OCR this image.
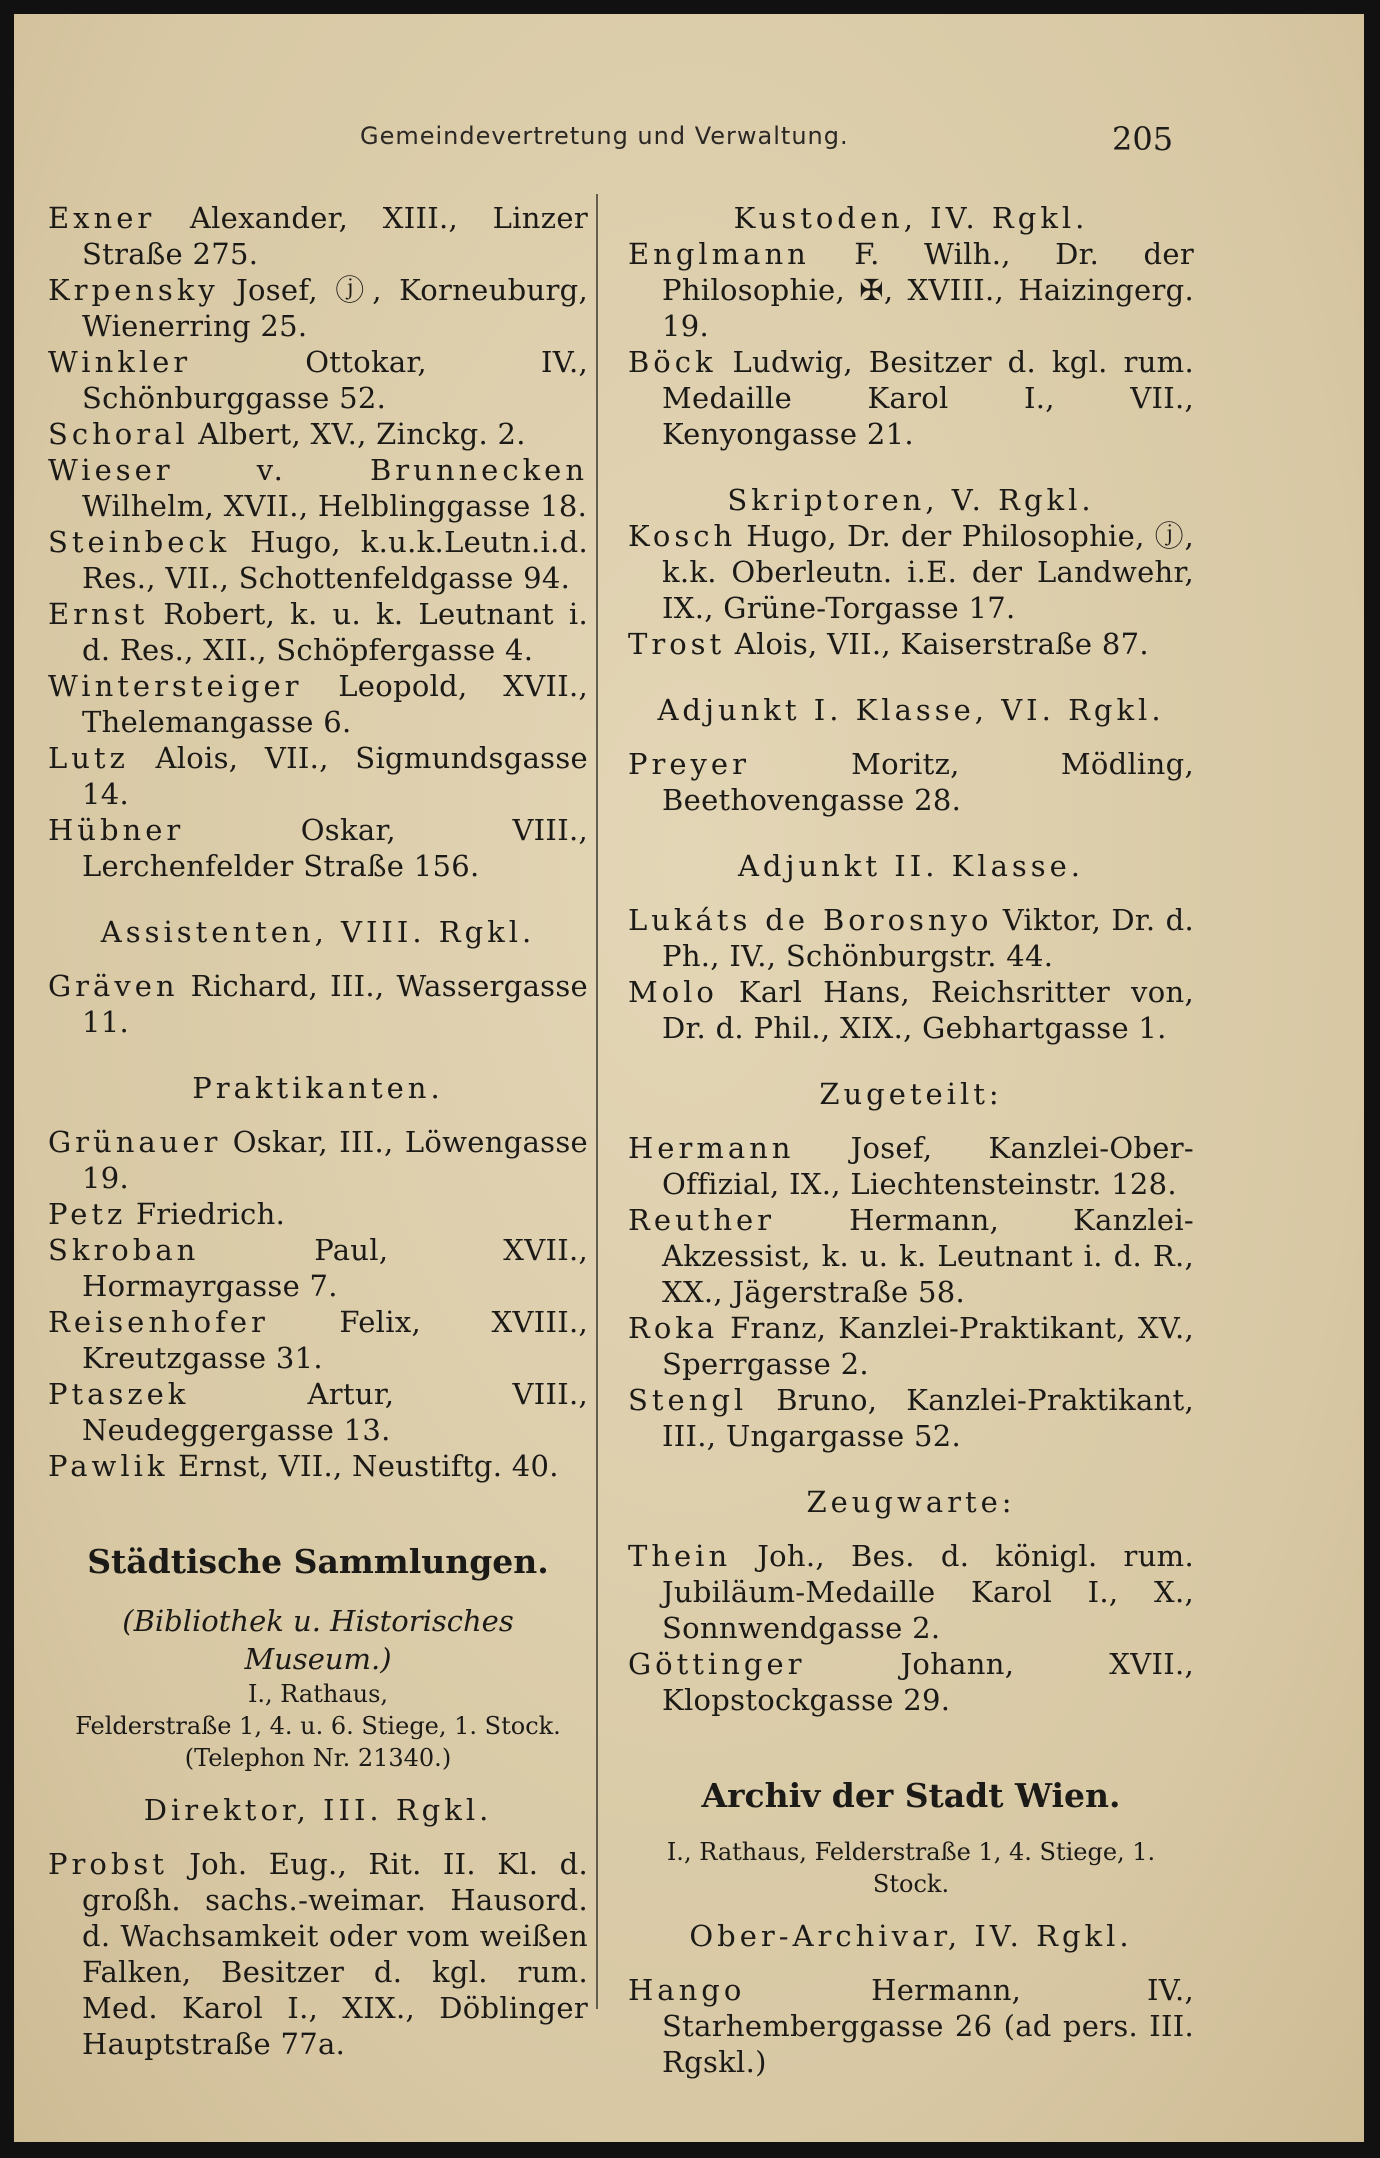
Gemeindevertretung und Verwaltung.	205

Exner Alexander, XIII., Linzer Straße 275.

Krpensky Josef, ⓙ, Korneuburg, Wienerring 25.

Winkler Ottokar, IV., Schönburggasse 52.

Schoral Albert, XV., Zinckg. 2.

Wieser v. Brunnecken Wilhelm, XVII., Helblinggasse 18.

Steinbeck Hugo, k.u.k.Leutn.i.d. Res., VII., Schottenfeldgasse 94.

Ernst Robert, k. u. k. Leutnant i. d. Res., XII., Schöpfergasse 4.

Wintersteiger Leopold, XVII., Thelemangasse 6.

Lutz Alois, VII., Sigmundsgasse 14.

Hübner Oskar, VIII., Lerchenfelder Straße 156.

Assistenten, VIII. Rgkl.

Gräven Richard, III., Wassergasse 11.

Praktikanten.

Grünauer Oskar, III., Löwengasse 19.

Petz Friedrich.

Skroban Paul, XVII., Hormayrgasse 7.

Reisenhofer Felix, XVIII., Kreutzgasse 31.

Ptaszek Artur, VIII., Neudeggergasse 13.

Pawlik Ernst, VII., Neustiftg. 40.

Städtische Sammlungen.

(Bibliothek u. Historisches Museum.)

I., Rathaus,

Felderstraße 1, 4. u. 6. Stiege, 1. Stock.

(Telephon Nr. 21340.)

Direktor, III. Rgkl.

Probst Joh. Eug., Rit. II. Kl. d. großh. sachs.-weimar. Hausord. d. Wachsamkeit oder vom weißen Falken, Besitzer d. kgl. rum. Med. Karol I., XIX., Döblinger Hauptstraße 77a.

Kustoden, IV. Rgkl.

Englmann F. Wilh., Dr. der Philosophie, ✠, XVIII., Haizingerg. 19.

Böck Ludwig, Besitzer d. kgl. rum. Medaille Karol I., VII., Kenyongasse 21.

Skriptoren, V. Rgkl.

Kosch Hugo, Dr. der Philosophie, ⓙ, k.k. Oberleutn. i.E. der Landwehr, IX., Grüne-Torgasse 17.

Trost Alois, VII., Kaiserstraße 87.

Adjunkt I. Klasse, VI. Rgkl.

Preyer Moritz, Mödling, Beethovengasse 28.

Adjunkt II. Klasse.

Lukáts de Borosnyo Viktor, Dr. d. Ph., IV., Schönburgstr. 44.

Molo Karl Hans, Reichsritter von, Dr. d. Phil., XIX., Gebhartgasse 1.

Zugeteilt:

Hermann Josef, Kanzlei-Ober-Offizial, IX., Liechtensteinstr. 128.

Reuther Hermann, Kanzlei-Akzessist, k. u. k. Leutnant i. d. R., XX., Jägerstraße 58.

Roka Franz, Kanzlei-Praktikant, XV., Sperrgasse 2.

Stengl Bruno, Kanzlei-Praktikant, III., Ungargasse 52.

Zeugwarte:

Thein Joh., Bes. d. königl. rum. Jubiläum-Medaille Karol I., X., Sonnwendgasse 2.

Göttinger Johann, XVII., Klopstockgasse 29.

Archiv der Stadt Wien.

I., Rathaus, Felderstraße 1, 4. Stiege, 1. Stock.

Ober-Archivar, IV. Rgkl.

Hango Hermann, IV., Starhemberggasse 26 (ad pers. III. Rgskl.)
